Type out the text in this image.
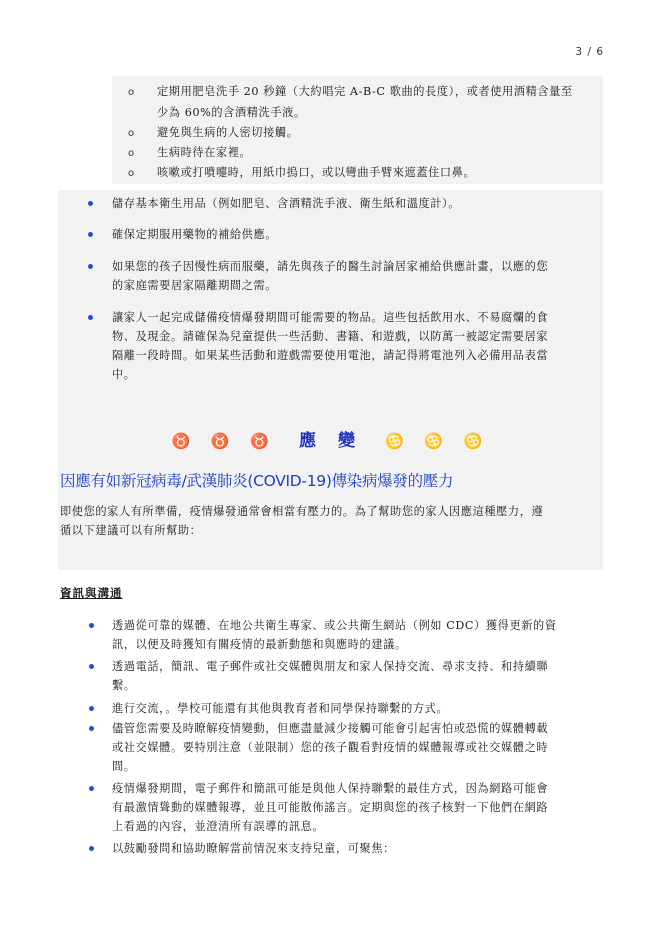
3 / 6
o 定期用肥皂洗手 20 秒鐘（大約唱完 A-B-C 歌曲的長度），或者使用酒精含量至
少為 60%的含酒精洗手液。
o 避免與生病的人密切接觸。
o 生病時待在家裡。
o 咳嗽或打噴嚏時，用紙巾摀口，或以彎曲手臂來遮蓋住口鼻。
儲存基本衛生用品（例如肥皂、含酒精洗手液、衛生紙和溫度計）。
確保定期服用藥物的補給供應。
如果您的孩子因慢性病而服藥，請先與孩子的醫生討論居家補給供應計畫，以應的您
的家庭需要居家隔離期間之需。
讓家人一起完成儲備疫情爆發期間可能需要的物品。這些包括飲用水、不易腐爛的食
物、及現金。請確保為兒童提供一些活動、書籍、和遊戲，以防萬一被認定需要居家
隔離一段時間。如果某些活動和遊戲需要使用電池，請記得將電池列入必備用品表當
中。
♉ ♉ ♉ 應 變 ♋ ♋ ♋
因應有如新冠病毒/武漢肺炎(COVID-19)傳染病爆發的壓力
即使您的家人有所準備，疫情爆發通常會相當有壓力的。為了幫助您的家人因應這種壓力，遵
循以下建議可以有所幫助：
資訊與溝通
透過從可靠的媒體、在地公共衛生專家、或公共衛生網站（例如 CDC）獲得更新的資
訊，以便及時獲知有關疫情的最新動態和與應時的建議。
透過電話，簡訊、電子郵件或社交媒體與朋友和家人保持交流、尋求支持、和持續聯
繫。
進行交流，。學校可能還有其他與教育者和同學保持聯繫的方式。
儘管您需要及時瞭解疫情變動，但應盡量減少接觸可能會引起害怕或恐慌的媒體轉載
或社交媒體。要特別注意（並限制）您的孩子觀看對疫情的媒體報導或社交媒體之時
間。
疫情爆發期間，電子郵件和簡訊可能是與他人保持聯繫的最佳方式，因為網路可能會
有最激情聳動的媒體報導，並且可能散佈謠言。定期與您的孩子核對一下他們在網路
上看過的內容，並澄清所有誤導的訊息。
以鼓勵發問和協助瞭解當前情況來支持兒童，可聚焦：
